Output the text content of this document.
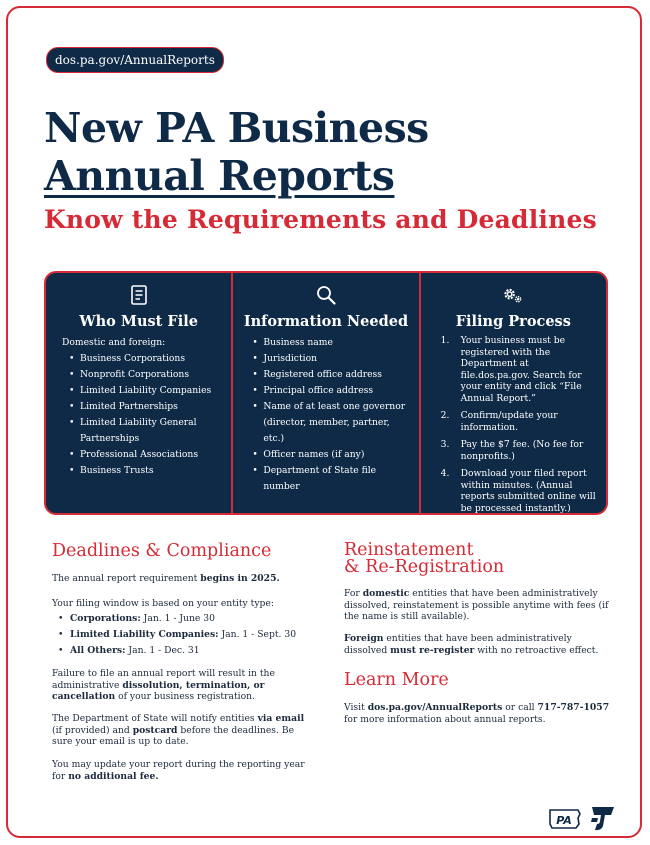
dos.pa.gov/AnnualReports
New PA Business
Annual Reports
Know the Requirements and Deadlines
Who Must File

Domestic and foreign:

• Business Corporations
• Nonprofit Corporations
• Limited Liability Companies
• Limited Partnerships
• Limited Liability General Partnerships
• Professional Associations
• Business Trusts
Information Needed
• Business name
• Jurisdiction
• Registered office address
• Principal office address
• Name of at least one governor (director, member, partner, etc.)
• Officer names (if any)
• Department of State file number
Filing Process
1. Your business must be registered with the Department at file.dos.pa.gov. Search for your entity and click “File Annual Report.”
2. Confirm/update your information.
3. Pay the $7 fee. (No fee for nonprofits.)
4. Download your filed report within minutes. (Annual reports submitted online will be processed instantly.)
Deadlines & Compliance

The annual report requirement begins in 2025.

Your filing window is based on your entity type:

• Corporations: Jan. 1 - June 30
• Limited Liability Companies: Jan. 1 - Sept. 30
• All Others: Jan. 1 - Dec. 31

Failure to file an annual report will result in the administrative dissolution, termination, or cancellation of your business registration.

The Department of State will notify entities via email (if provided) and postcard before the deadlines. Be sure your email is up to date.

You may update your report during the reporting year for no additional fee.

Reinstatement
& Re-Registration

For domestic entities that have been administratively dissolved, reinstatement is possible anytime with fees (if the name is still available).

Foreign entities that have been administratively dissolved must re-register with no retroactive effect.

Learn More

Visit dos.pa.gov/AnnualReports or call 717-787-1057 for more information about annual reports.

PA
